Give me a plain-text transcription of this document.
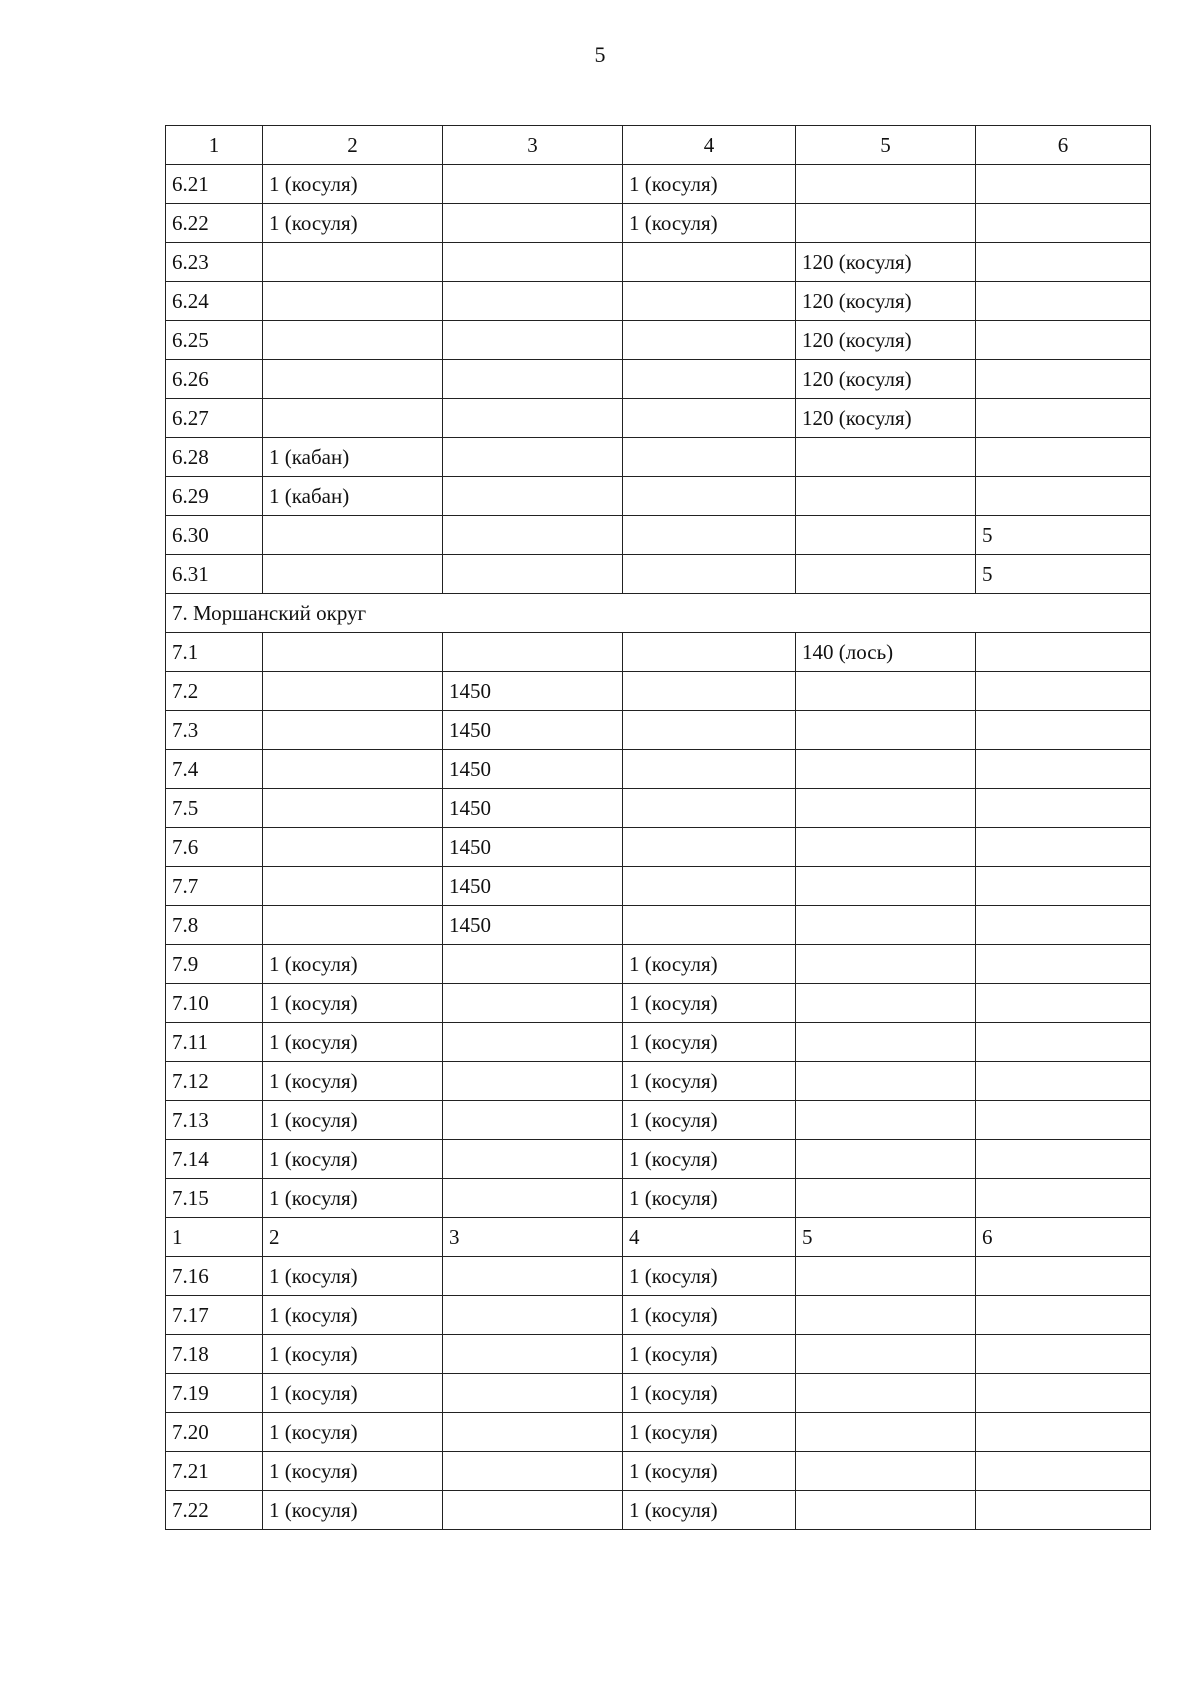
5
1	2	3	4	5	6
6.21	1 (косуля)		1 (косуля)		
6.22	1 (косуля)		1 (косуля)		
6.23				120 (косуля)	
6.24				120 (косуля)	
6.25				120 (косуля)	
6.26				120 (косуля)	
6.27				120 (косуля)	
6.28	1 (кабан)				
6.29	1 (кабан)				
6.30					5
6.31					5
7. Моршанский округ					
7.1				140 (лось)	
7.2		1450			
7.3		1450			
7.4		1450			
7.5		1450			
7.6		1450			
7.7		1450			
7.8		1450			
7.9	1 (косуля)		1 (косуля)		
7.10	1 (косуля)		1 (косуля)		
7.11	1 (косуля)		1 (косуля)		
7.12	1 (косуля)		1 (косуля)		
7.13	1 (косуля)		1 (косуля)		
7.14	1 (косуля)		1 (косуля)		
7.15	1 (косуля)		1 (косуля)		
1	2	3	4	5	6
7.16	1 (косуля)		1 (косуля)		
7.17	1 (косуля)		1 (косуля)		
7.18	1 (косуля)		1 (косуля)		
7.19	1 (косуля)		1 (косуля)		
7.20	1 (косуля)		1 (косуля)		
7.21	1 (косуля)		1 (косуля)		
7.22	1 (косуля)		1 (косуля)		
